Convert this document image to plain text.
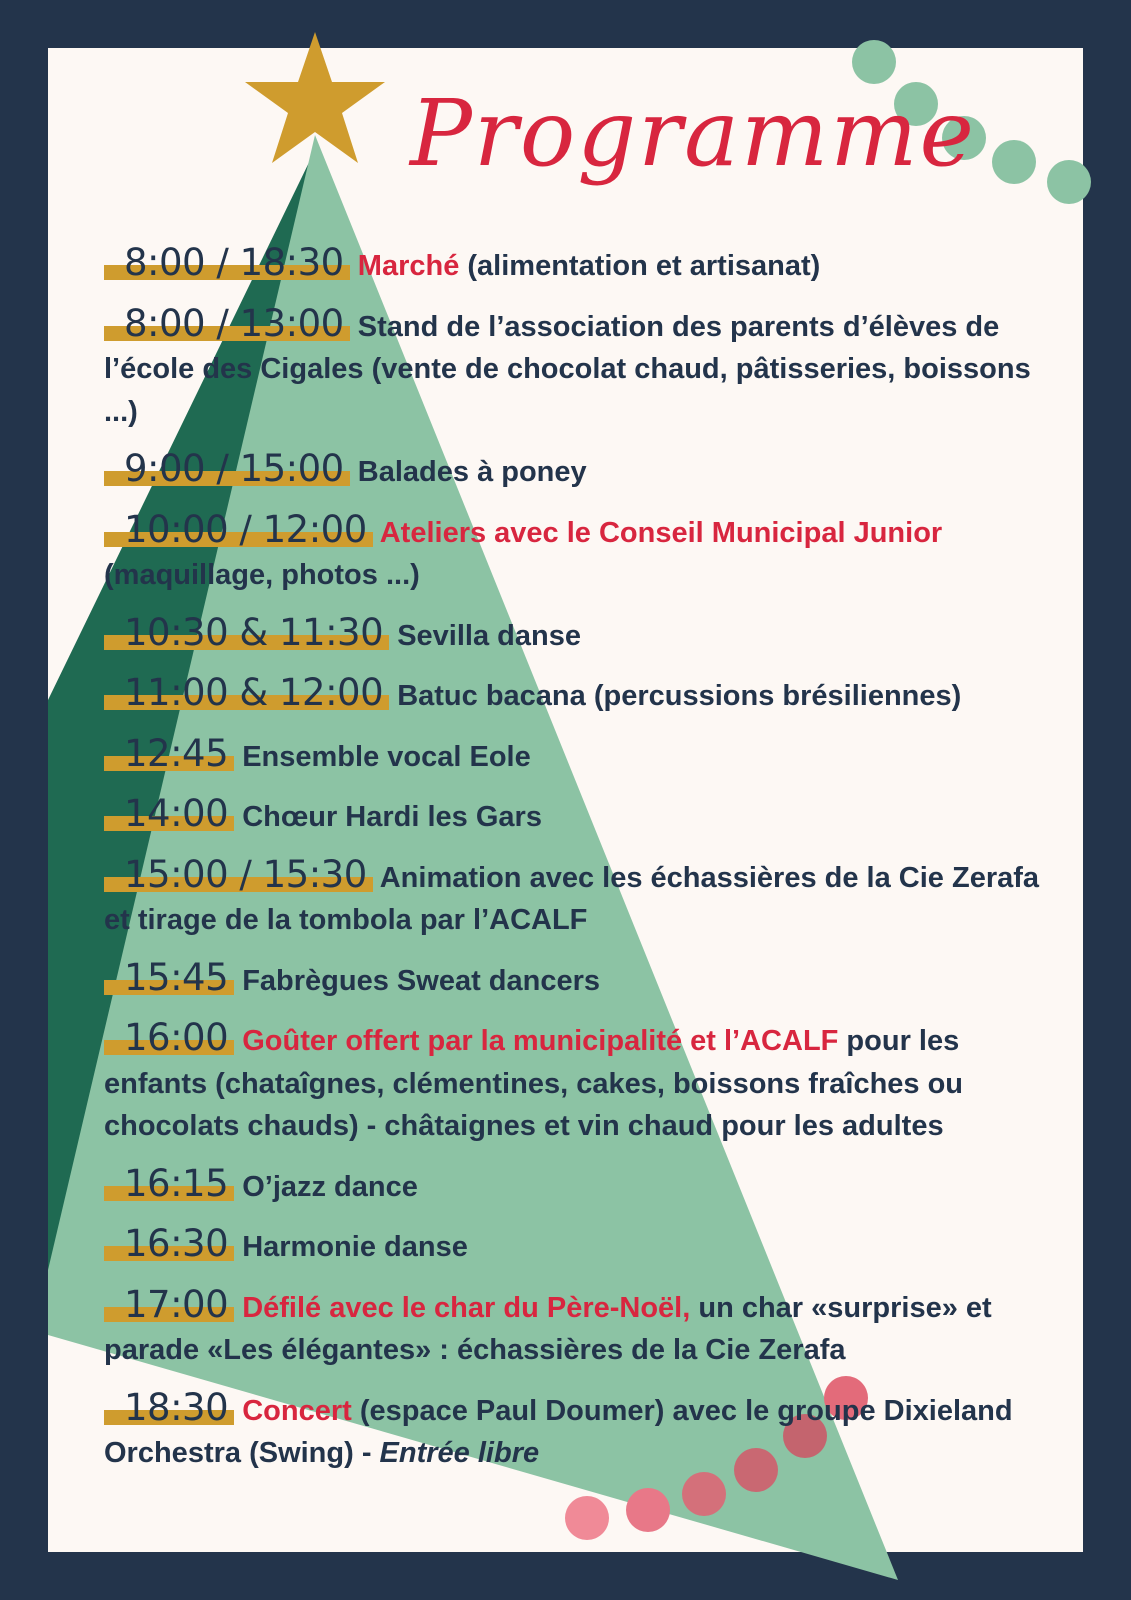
Programme
8:00 / 18:30 Marché (alimentation et artisanat)
8:00 / 13:00 Stand de l’association des parents d’élèves de l’école des Cigales (vente de chocolat chaud, pâtisseries, boissons ...)
9:00 / 15:00 Balades à poney
10:00 / 12:00 Ateliers avec le Conseil Municipal Junior (maquillage, photos ...)
10:30 & 11:30 Sevilla danse
11:00 & 12:00 Batuc bacana (percussions brésiliennes)
12:45 Ensemble vocal Eole
14:00 Chœur Hardi les Gars
15:00 / 15:30 Animation avec les échassières de la Cie Zerafa et tirage de la tombola par l’ACALF
15:45 Fabrègues Sweat dancers
16:00 Goûter offert par la municipalité et l’ACALF pour les enfants (chataîgnes, clémentines, cakes, boissons fraîches ou chocolats chauds) - châtaignes et vin chaud pour les adultes
16:15 O’jazz dance
16:30 Harmonie danse
17:00 Défilé avec le char du Père-Noël, un char «surprise» et parade «Les élégantes» : échassières de la Cie Zerafa
18:30 Concert (espace Paul Doumer) avec le groupe Dixieland Orchestra (Swing) - Entrée libre
